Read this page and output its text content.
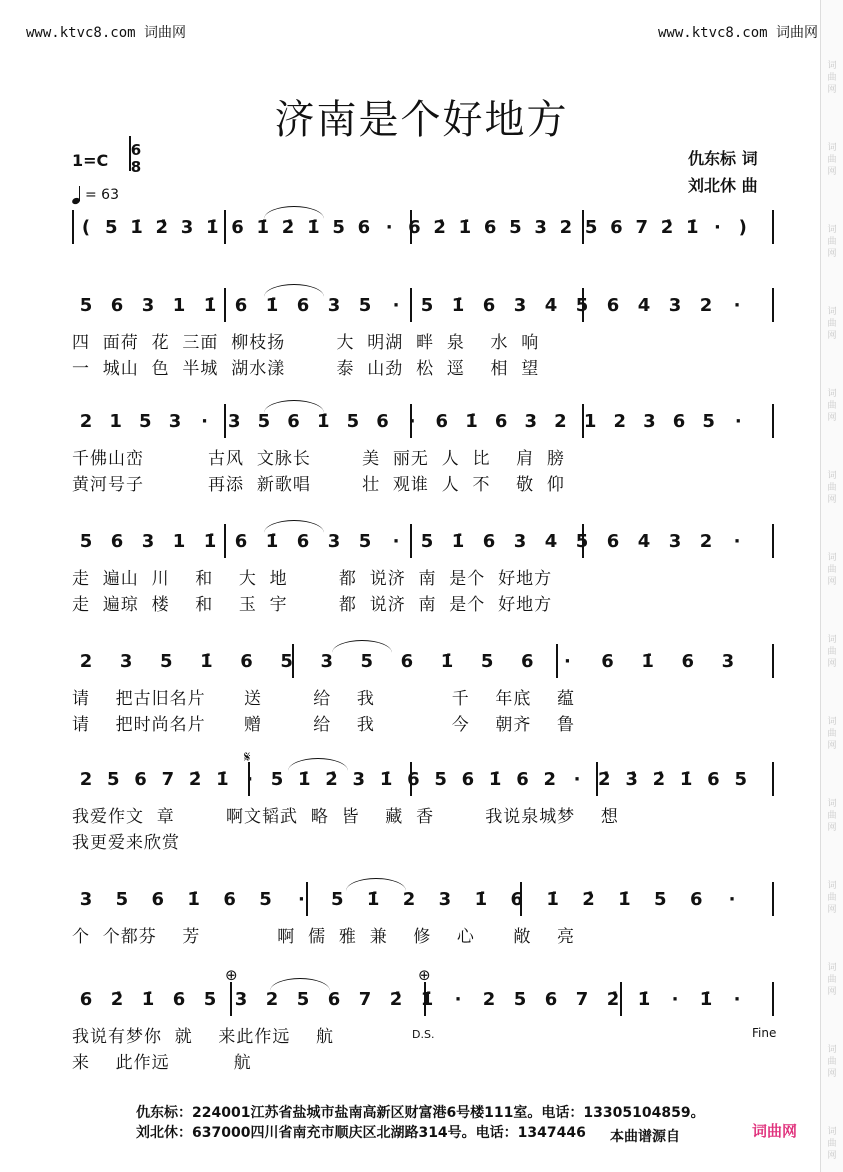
www.ktvc8.com 词曲网	www.ktvc8.com 词曲网
词曲网
词曲网
词曲网
词曲网
词曲网
词曲网
词曲网
词曲网
词曲网
词曲网
词曲网
词曲网
词曲网
词曲网
济南是个好地方
1=C
6
8
= 63
仇东标 词
刘北休 曲
( 5 1̇ 2̇ 3 1̇ 6 1̇ 2̇ 1̇ 5 6 · 6 2̇ 1̇ 6 5 3 2 5 6 7 2̇ 1̇ · )
5 6 3 1 1̇ 6 1̇ 6 3 5 · 5 1̇ 6 3 4 5 6 4 3 2 ·
四  面荷  花  三面  柳枝扬        大  明湖  畔  泉    水  响
一  城山  色  半城  湖水漾        泰  山劲  松  逕    相  望
2 1 5 3 · 3 5 6 1̇ 5 6 · 6 1̇ 6 3 2 1 2 3 6 5 ·
千佛山峦          古风  文脉长        美  丽无  人  比    肩  膀
黄河号子          再添  新歌唱        壮  观谁  人  不    敬  仰
5 6 3 1 1̇ 6 1̇ 6 3 5 · 5 1̇ 6 3 4 5 6 4 3 2 ·
走  遍山  川    和    大  地        都  说济  南  是个  好地方
走  遍琼  楼    和    玉  宇        都  说济  南  是个  好地方
2 3 5 1̇ 6 5 3 5 6 1̇ 5 6 · 6 1̇ 6 3
请    把古旧名片      送        给    我            千    年底    蕴
请    把时尚名片      赠        给    我            今    朝齐    鲁
2 5 6 7 2̇ 1̇ · 5 1̇ 2̇ 3 1̇ 6 5 6 1̇ 6 2 · 2̇ 3̇ 2̇ 1̇ 6 5
我爱作文  章        啊文韬武  略  皆    藏  香        我说泉城梦    想
我更爱来欣赏
3 5 6 1̇ 6 5 · 5 1̇ 2 3 1̇ 6 1̇ 2̇ 1̇ 5 6 ·
个  个都芬    芳            啊  儒  雅  兼    修    心      敞    亮
6 2̇ 1̇ 6 5 3 2 5 6 7 2̇ 1̇ · 2 5 6 7 2̇ 1̇ · 1̇ ·
我说有梦你  就    来此作远    航
来    此作远          航
仇东标：224001江苏省盐城市盐南高新区财富港6号楼111室。电话：13305104859。
刘北休：637000四川省南充市顺庆区北湖路314号。电话：1347446 本曲谱源自	词曲网
𝄋
⊕	⊕
D.S.	Fine
